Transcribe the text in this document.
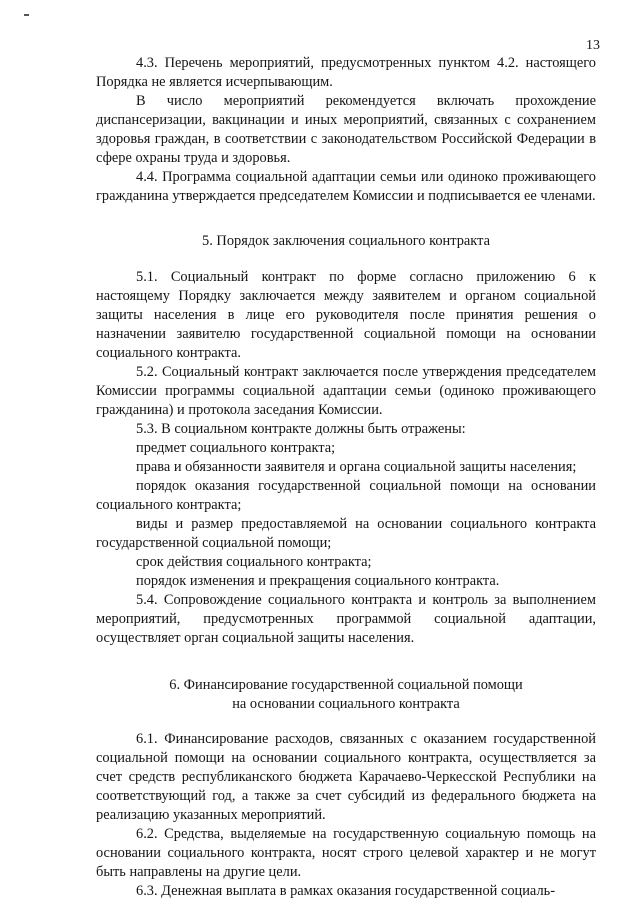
13

4.3. Перечень мероприятий, предусмотренных пунктом 4.2. настоящего Порядка не является исчерпывающим.

В число мероприятий рекомендуется включать прохождение диспансеризации, вакцинации и иных мероприятий, связанных с сохранением здоровья граждан, в соответствии с законодательством Российской Федерации в сфере охраны труда и здоровья.

4.4. Программа социальной адаптации семьи или одиноко проживающего гражданина утверждается председателем Комиссии и подписывается ее членами.

5. Порядок заключения социального контракта

5.1. Социальный контракт по форме согласно приложению 6 к настоящему Порядку заключается между заявителем и органом социальной защиты населения в лице его руководителя после принятия решения о назначении заявителю государственной социальной помощи на основании социального контракта.

5.2. Социальный контракт заключается после утверждения председателем Комиссии программы социальной адаптации семьи (одиноко проживающего гражданина) и протокола заседания Комиссии.

5.3. В социальном контракте должны быть отражены:

предмет социального контракта;

права и обязанности заявителя и органа социальной защиты населения;

порядок оказания государственной социальной помощи на основании социального контракта;

виды и размер предоставляемой на основании социального контракта государственной социальной помощи;

срок действия социального контракта;

порядок изменения и прекращения социального контракта.

5.4. Сопровождение социального контракта и контроль за выполнением мероприятий, предусмотренных программой социальной адаптации, осуществляет орган социальной защиты населения.

6. Финансирование государственной социальной помощи
на основании социального контракта

6.1. Финансирование расходов, связанных с оказанием государственной социальной помощи на основании социального контракта, осуществляется за счет средств республиканского бюджета Карачаево-Черкесской Республики на соответствующий год, а также за счет субсидий из федерального бюджета на реализацию указанных мероприятий.

6.2. Средства, выделяемые на государственную социальную помощь на основании социального контракта, носят строго целевой характер и не могут быть направлены на другие цели.

6.3. Денежная выплата в рамках оказания государственной социаль-
